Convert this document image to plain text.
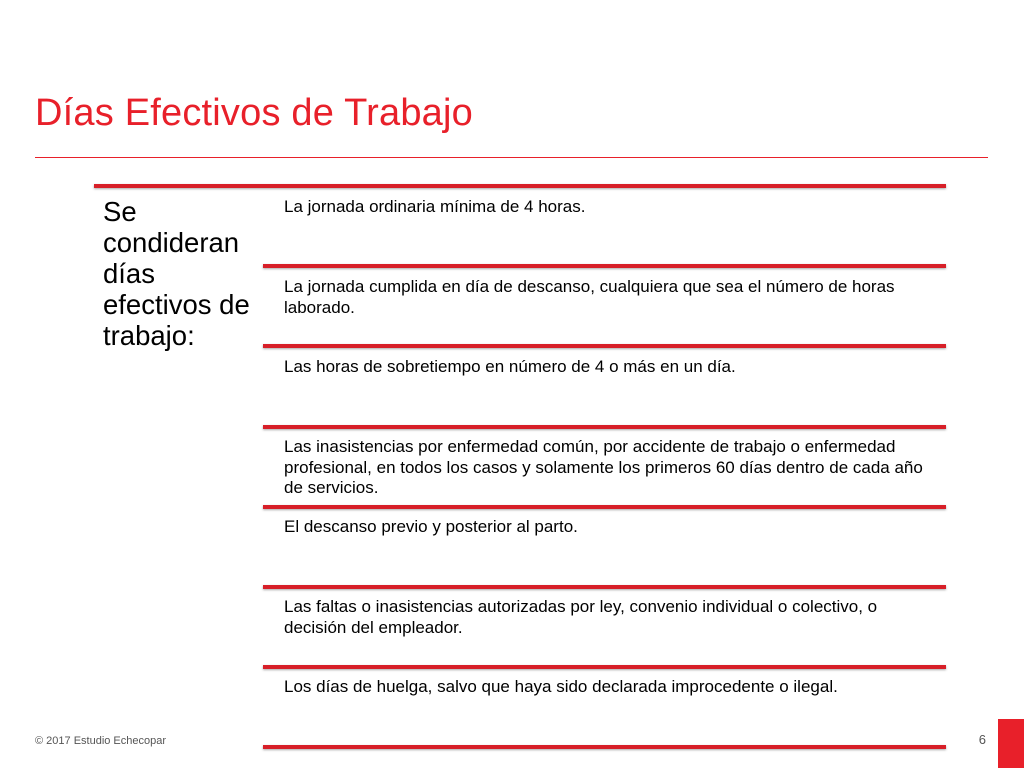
Días Efectivos de Trabajo
Se condideran días efectivos de trabajo:
La jornada ordinaria mínima de 4 horas.
La jornada cumplida en día de descanso, cualquiera que sea el número de horas laborado.
Las horas de sobretiempo en número de 4 o más en un día.
Las inasistencias por enfermedad común, por accidente de trabajo o enfermedad profesional, en todos los casos y solamente los primeros 60 días dentro de cada año de servicios.
El descanso previo y posterior al parto.
Las faltas o inasistencias autorizadas por ley, convenio individual o colectivo, o decisión del empleador.
Los días de huelga, salvo que haya sido declarada improcedente o ilegal.
© 2017 Estudio Echecopar	6
